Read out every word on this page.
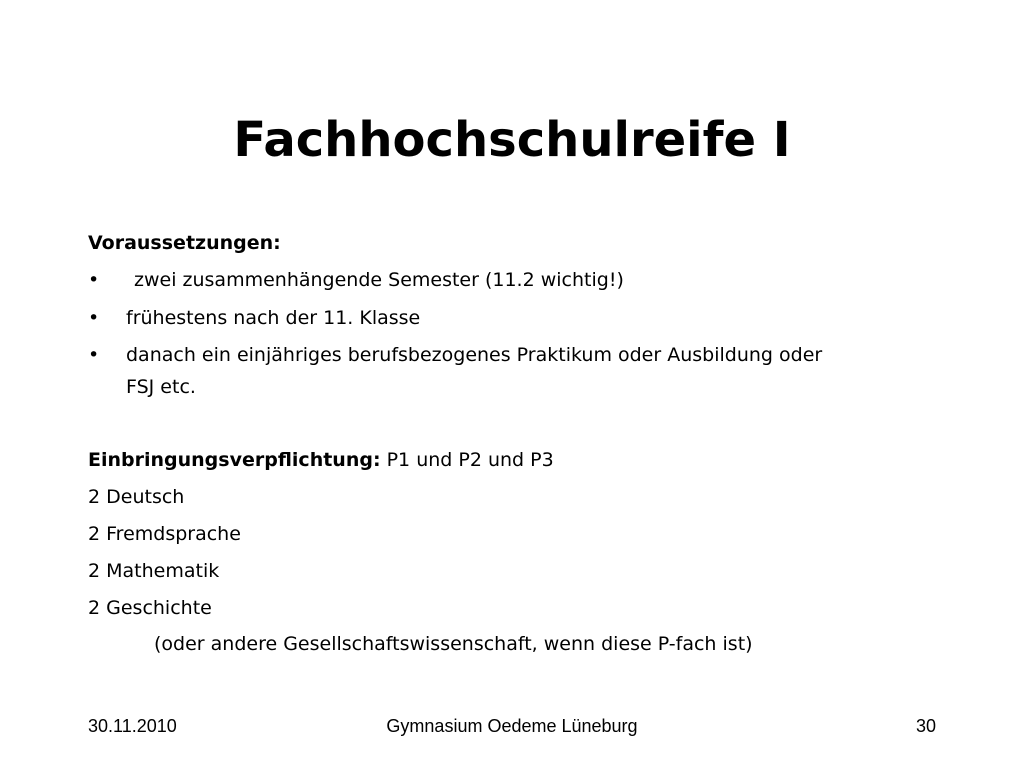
Fachhochschulreife I
Voraussetzungen:
•	zwei zusammenhängende Semester (11.2 wichtig!)
•	frühestens nach der 11. Klasse
•	danach ein einjähriges berufsbezogenes Praktikum oder Ausbildung oder
FSJ etc.
Einbringungsverpflichtung: P1 und P2 und P3
2 Deutsch
2 Fremdsprache
2 Mathematik
2 Geschichte
(oder andere Gesellschaftswissenschaft, wenn diese P-fach ist)
30.11.2010	Gymnasium Oedeme Lüneburg	30
